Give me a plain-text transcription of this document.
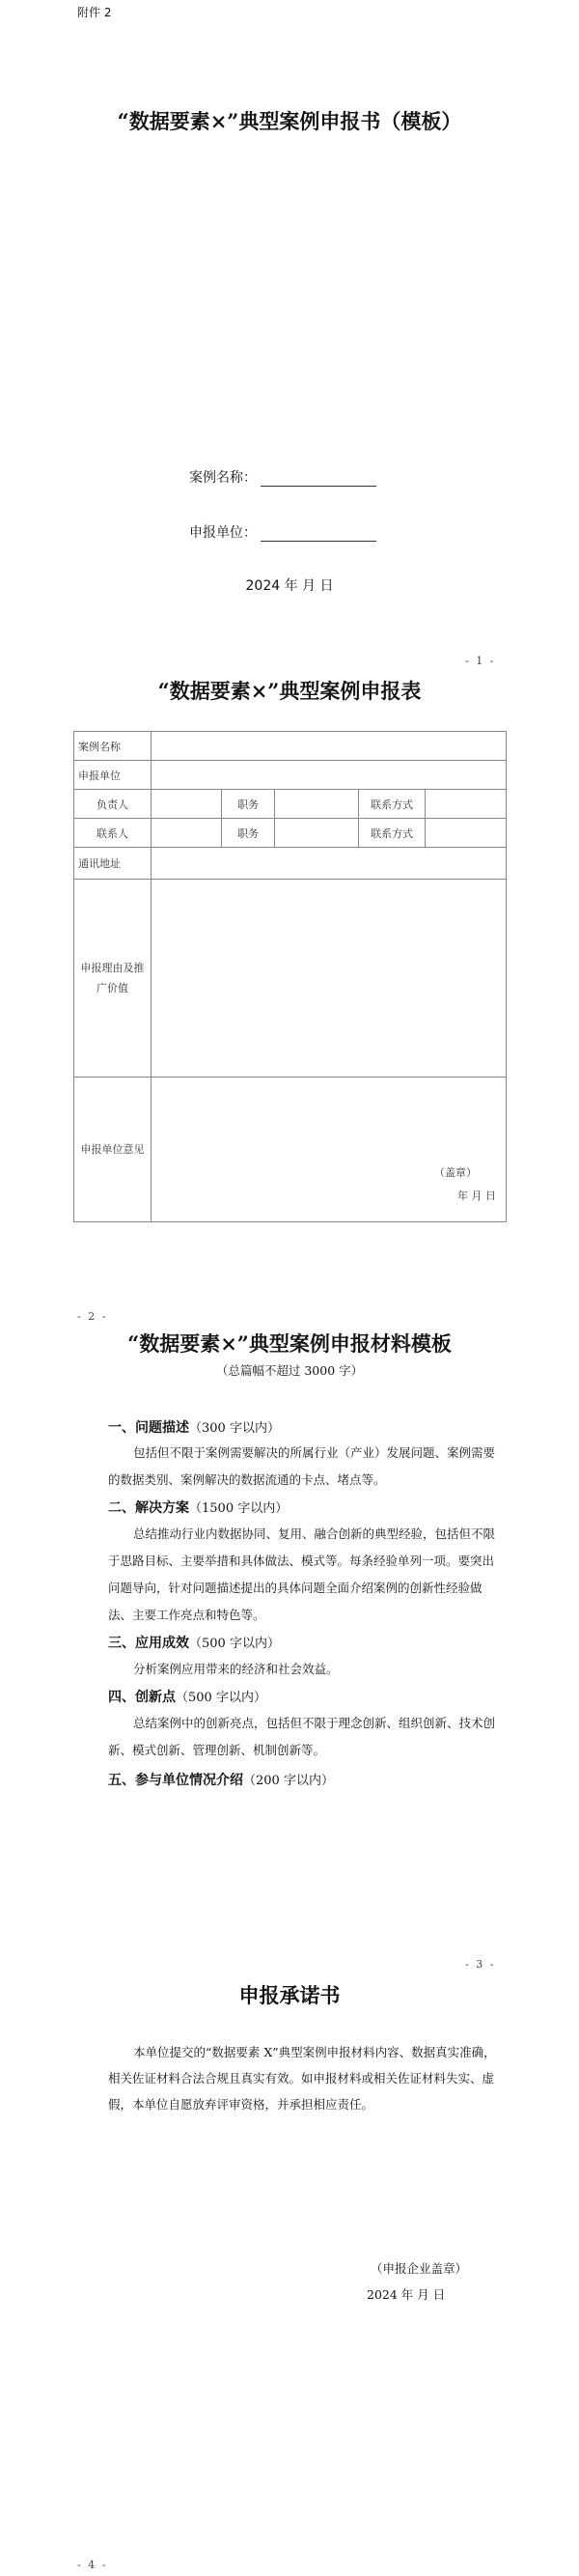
附件 2
“数据要素×”典型案例申报书（模板）
案例名称：
申报单位：
2024 年 月 日
- 1 -
“数据要素×”典型案例申报表
案例名称					
申报单位					
负责人		职务		联系方式	
联系人		职务		联系方式	
通讯地址					
申报理由及推广价值					
申报单位意见	（盖章）
年 月 日				
- 2 -
“数据要素×”典型案例申报材料模板
（总篇幅不超过 3000 字）
一、问题描述（300 字以内）
包括但不限于案例需要解决的所属行业（产业）发展问题、案例需要的数据类别、案例解决的数据流通的卡点、堵点等。
二、解决方案（1500 字以内）
总结推动行业内数据协同、复用、融合创新的典型经验，包括但不限于思路目标、主要举措和具体做法、模式等。每条经验单列一项。要突出问题导向，针对问题描述提出的具体问题全面介绍案例的创新性经验做法、主要工作亮点和特色等。
三、应用成效（500 字以内）
分析案例应用带来的经济和社会效益。
四、创新点（500 字以内）
总结案例中的创新亮点，包括但不限于理念创新、组织创新、技术创新、模式创新、管理创新、机制创新等。
五、参与单位情况介绍（200 字以内）
- 3 -
申报承诺书
本单位提交的“数据要素 X”典型案例申报材料内容、数据真实准确，相关佐证材料合法合规且真实有效。如申报材料或相关佐证材料失实、虚假，本单位自愿放弃评审资格，并承担相应责任。
（申报企业盖章）
2024 年 月 日
- 4 -
